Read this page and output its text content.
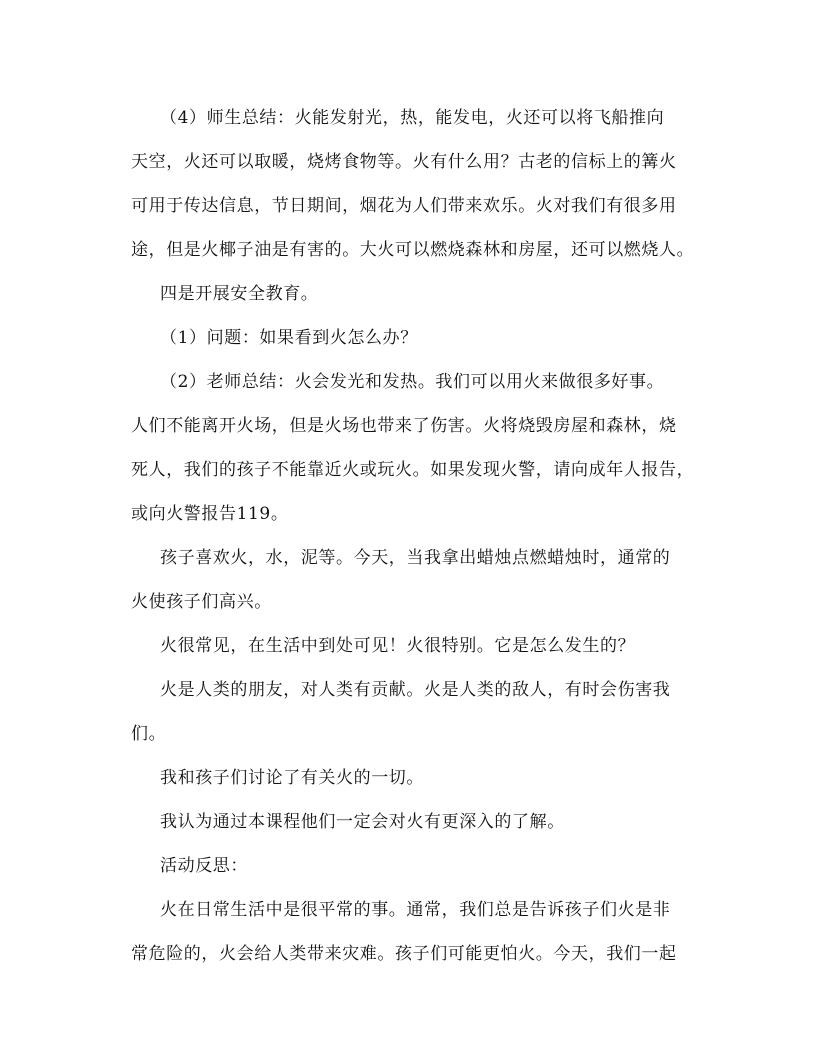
（4）师生总结：火能发射光，热，能发电，火还可以将飞船推向
天空，火还可以取暖，烧烤食物等。火有什么用？古老的信标上的篝火
可用于传达信息，节日期间，烟花为人们带来欢乐。火对我们有很多用
途，但是火椰子油是有害的。大火可以燃烧森林和房屋，还可以燃烧人。
四是开展安全教育。
（1）问题：如果看到火怎么办？
（2）老师总结：火会发光和发热。我们可以用火来做很多好事。
人们不能离开火场，但是火场也带来了伤害。火将烧毁房屋和森林，烧
死人，我们的孩子不能靠近火或玩火。如果发现火警，请向成年人报告，
或向火警报告119。
孩子喜欢火，水，泥等。今天，当我拿出蜡烛点燃蜡烛时，通常的
火使孩子们高兴。
火很常见，在生活中到处可见！火很特别。它是怎么发生的？
火是人类的朋友，对人类有贡献。火是人类的敌人，有时会伤害我
们。
我和孩子们讨论了有关火的一切。
我认为通过本课程他们一定会对火有更深入的了解。
活动反思：
火在日常生活中是很平常的事。通常，我们总是告诉孩子们火是非
常危险的，火会给人类带来灾难。孩子们可能更怕火。今天，我们一起
